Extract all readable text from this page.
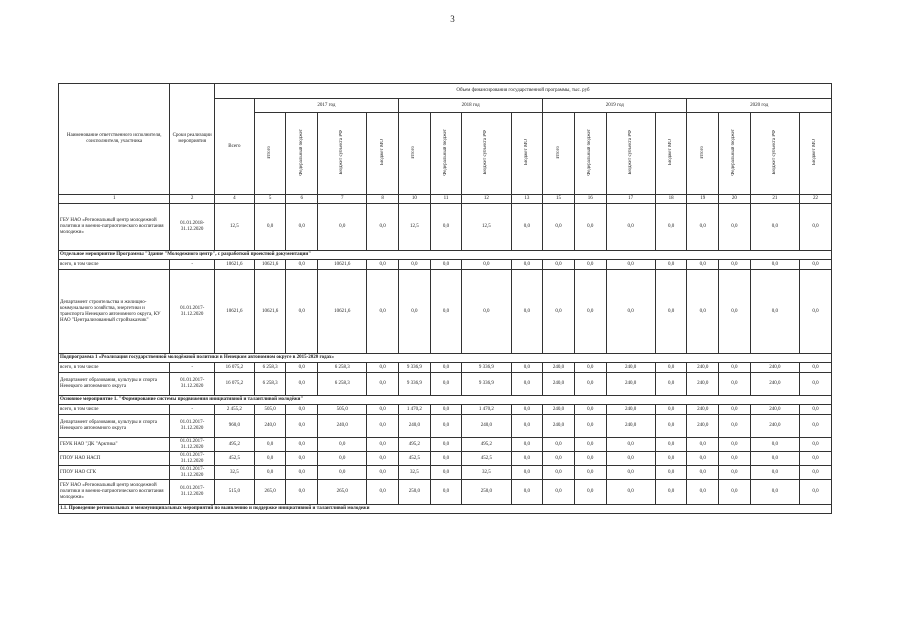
3
Наименование ответственного исполнителя, соисполнителя, участника	Сроки реализации мероприятия	Объем финансирования государственной программы, тыс. руб																
		Всего	2017 год				2018 год				2019 год				2020 год			
			Итого	Федеральный бюджет	Бюджет субъекта РФ	Бюджет МО	Итого	Федеральный бюджет	Бюджет субъекта РФ	Бюджет МО	Итого	Федеральный бюджет	Бюджет субъекта РФ	Бюджет МО	Итого	Федеральный бюджет	Бюджет субъекта РФ	Бюджет МО
1	2	4	5	6	7	8	10	11	12	13	15	16	17	18	19	20	21	22
ГБУ НАО «Региональный центр молодежной политики и военно-патриотического воспитания молодежи»	01.01.2018-31.12.2020	12,5	0,0	0,0	0,0	0,0	12,5	0,0	12,5	0,0	0,0	0,0	0,0	0,0	0,0	0,0	0,0	0,0
Отдельное мероприятие Программы "Здание "Молодежного центр", с разработкой проектной документации"																		
всего, в том числе	-	10621,6	10621,6	0,0	10621,6	0,0	0,0	0,0	0,0	0,0	0,0	0,0	0,0	0,0	0,0	0,0	0,0	0,0
Департамент строительства и жилищно-коммунального хозяйства, энергетики и транспорта Ненецкого автономного округа, КУ НАО "Централизованный стройзаказчик"	01.01.2017-31.12.2020	10621,6	10621,6	0,0	10621,6	0,0	0,0	0,0	0,0	0,0	0,0	0,0	0,0	0,0	0,0	0,0	0,0	0,0
Подпрограмма 1 «Реализация государственной молодёжной политики в Ненецком автономном округе в 2015-2020 годах»																		
всего, в том числе	-	16 075,2	6 258,3	0,0	6 258,3	0,0	9 336,9	0,0	9 336,9	0,0	240,0	0,0	240,0	0,0	240,0	0,0	240,0	0,0
Департамент образования, культуры и спорта Ненецкого автономного округа	01.01.2017-31.12.2020	16 075,2	6 258,3	0,0	6 258,3	0,0	9 336,9	0,0	9 336,9	0,0	240,0	0,0	240,0	0,0	240,0	0,0	240,0	0,0
Основное мероприятие 1. "Формирование системы продвижения инициативной и талантливой молодёжи"																		
всего, в том числе	-	2 455,2	505,0	0,0	505,0	0,0	1 470,2	0,0	1 470,2	0,0	240,0	0,0	240,0	0,0	240,0	0,0	240,0	0,0
Департамент образования, культуры и спорта Ненецкого автономного округа	01.01.2017-31.12.2020	960,0	240,0	0,0	240,0	0,0	240,0	0,0	240,0	0,0	240,0	0,0	240,0	0,0	240,0	0,0	240,0	0,0
ГБУК НАО "ДК "Арктика"	01.01.2017-31.12.2020	495,2	0,0	0,0	0,0	0,0	495,2	0,0	495,2	0,0	0,0	0,0	0,0	0,0	0,0	0,0	0,0	0,0
ГПОУ НАО НАСП	01.01.2017-31.12.2020	452,5	0,0	0,0	0,0	0,0	452,5	0,0	452,5	0,0	0,0	0,0	0,0	0,0	0,0	0,0	0,0	0,0
ГПОУ НАО СГК	01.01.2017-31.12.2020	32,5	0,0	0,0	0,0	0,0	32,5	0,0	32,5	0,0	0,0	0,0	0,0	0,0	0,0	0,0	0,0	0,0
ГБУ НАО «Региональный центр молодежной политики и военно-патриотического воспитания молодежи»	01.01.2017-31.12.2020	515,0	265,0	0,0	265,0	0,0	250,0	0,0	250,0	0,0	0,0	0,0	0,0	0,0	0,0	0,0	0,0	0,0
1.1. Проведение региональных и межмуниципальных мероприятий по выявлению и поддержке инициативной и талантливой молодежи																		
